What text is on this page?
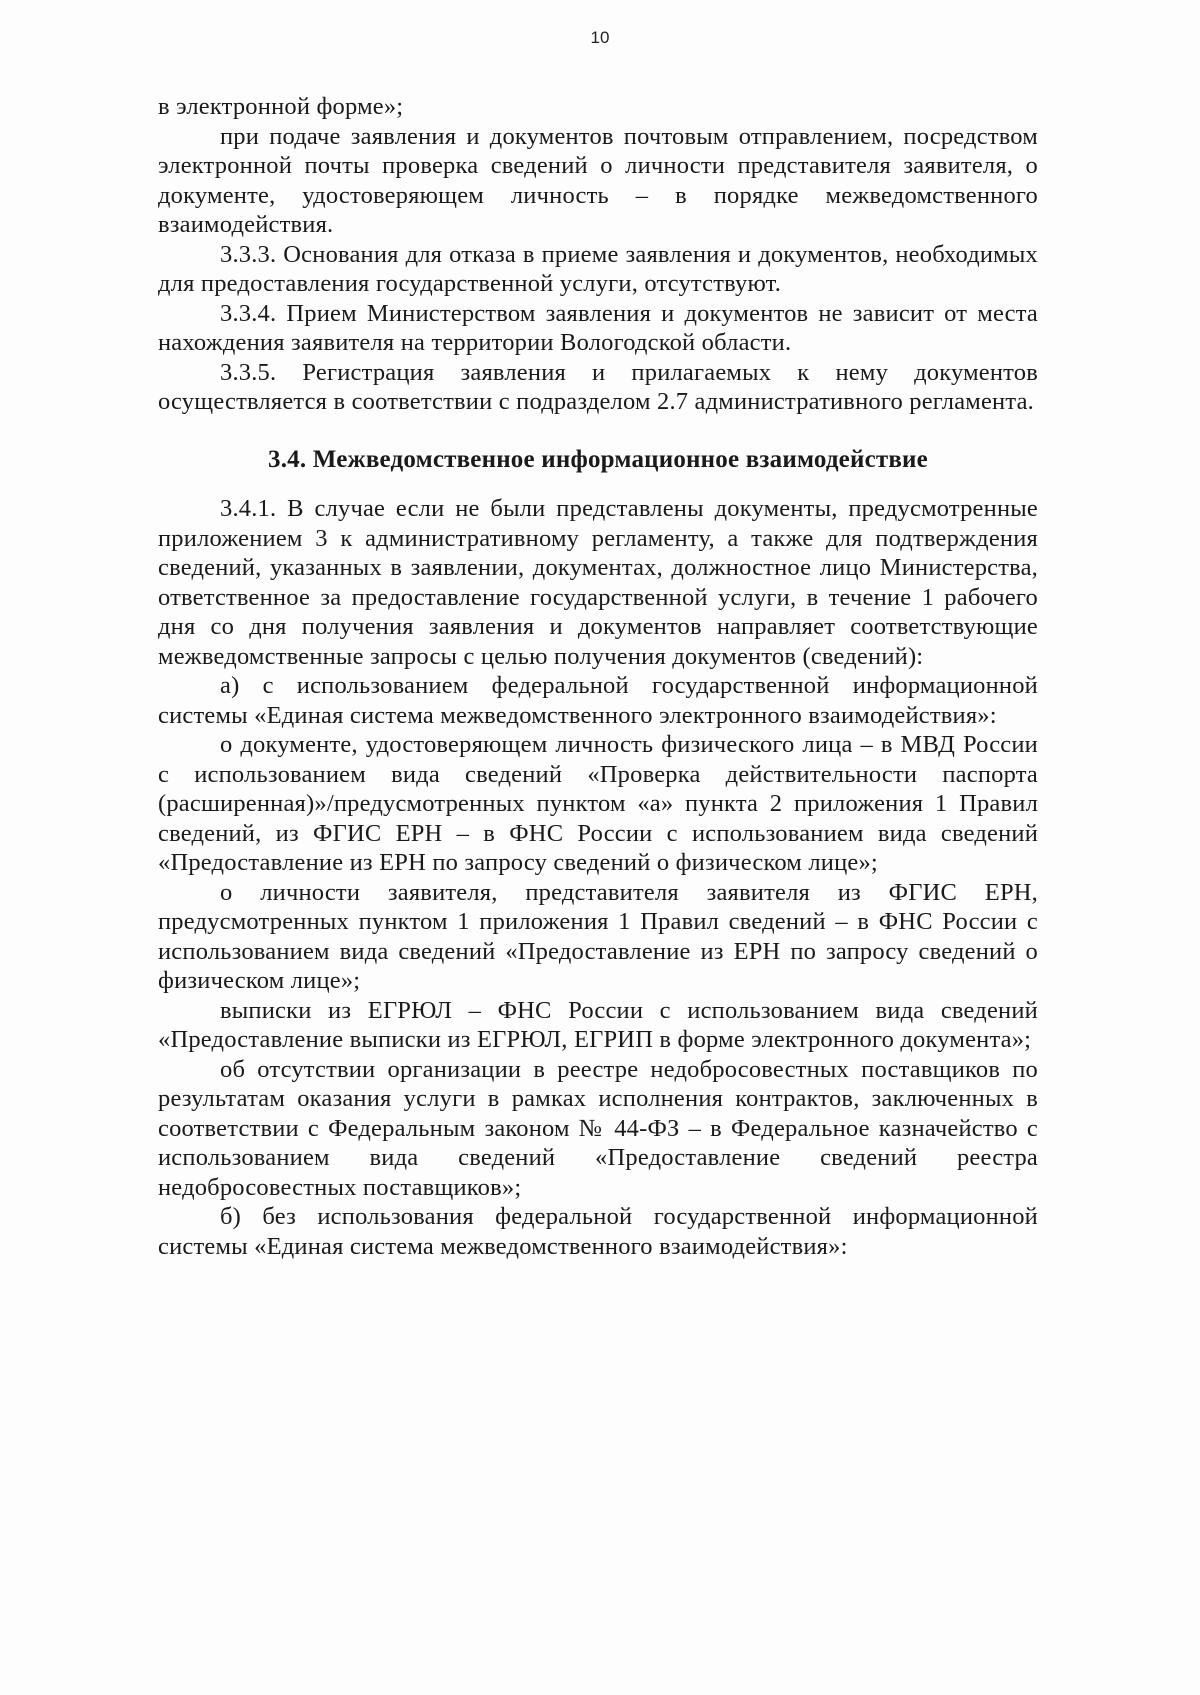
10

в электронной форме»;

при подаче заявления и документов почтовым отправлением, посредством электронной почты проверка сведений о личности представителя заявителя, о документе, удостоверяющем личность – в порядке межведомственного взаимодействия.

3.3.3. Основания для отказа в приеме заявления и документов, необходимых для предоставления государственной услуги, отсутствуют.

3.3.4. Прием Министерством заявления и документов не зависит от места нахождения заявителя на территории Вологодской области.

3.3.5. Регистрация заявления и прилагаемых к нему документов осуществляется в соответствии с подразделом 2.7 административного регламента.

3.4. Межведомственное информационное взаимодействие

3.4.1. В случае если не были представлены документы, предусмотренные приложением 3 к административному регламенту, а также для подтверждения сведений, указанных в заявлении, документах, должностное лицо Министерства, ответственное за предоставление государственной услуги, в течение 1 рабочего дня со дня получения заявления и документов направляет соответствующие межведомственные запросы с целью получения документов (сведений):

а) с использованием федеральной государственной информационной системы «Единая система межведомственного электронного взаимодействия»:

о документе, удостоверяющем личность физического лица – в МВД России с использованием вида сведений «Проверка действительности паспорта (расширенная)»/предусмотренных пунктом «а» пункта 2 приложения 1 Правил сведений, из ФГИС ЕРН – в ФНС России с использованием вида сведений «Предоставление из ЕРН по запросу сведений о физическом лице»;

о личности заявителя, представителя заявителя из ФГИС ЕРН, предусмотренных пунктом 1 приложения 1 Правил сведений – в ФНС России с использованием вида сведений «Предоставление из ЕРН по запросу сведений о физическом лице»;

выписки из ЕГРЮЛ – ФНС России с использованием вида сведений «Предоставление выписки из ЕГРЮЛ, ЕГРИП в форме электронного документа»;

об отсутствии организации в реестре недобросовестных поставщиков по результатам оказания услуги в рамках исполнения контрактов, заключенных в соответствии с Федеральным законом № 44-ФЗ – в Федеральное казначейство с использованием вида сведений «Предоставление сведений реестра недобросовестных поставщиков»;

б) без использования федеральной государственной информационной системы «Единая система межведомственного взаимодействия»:
